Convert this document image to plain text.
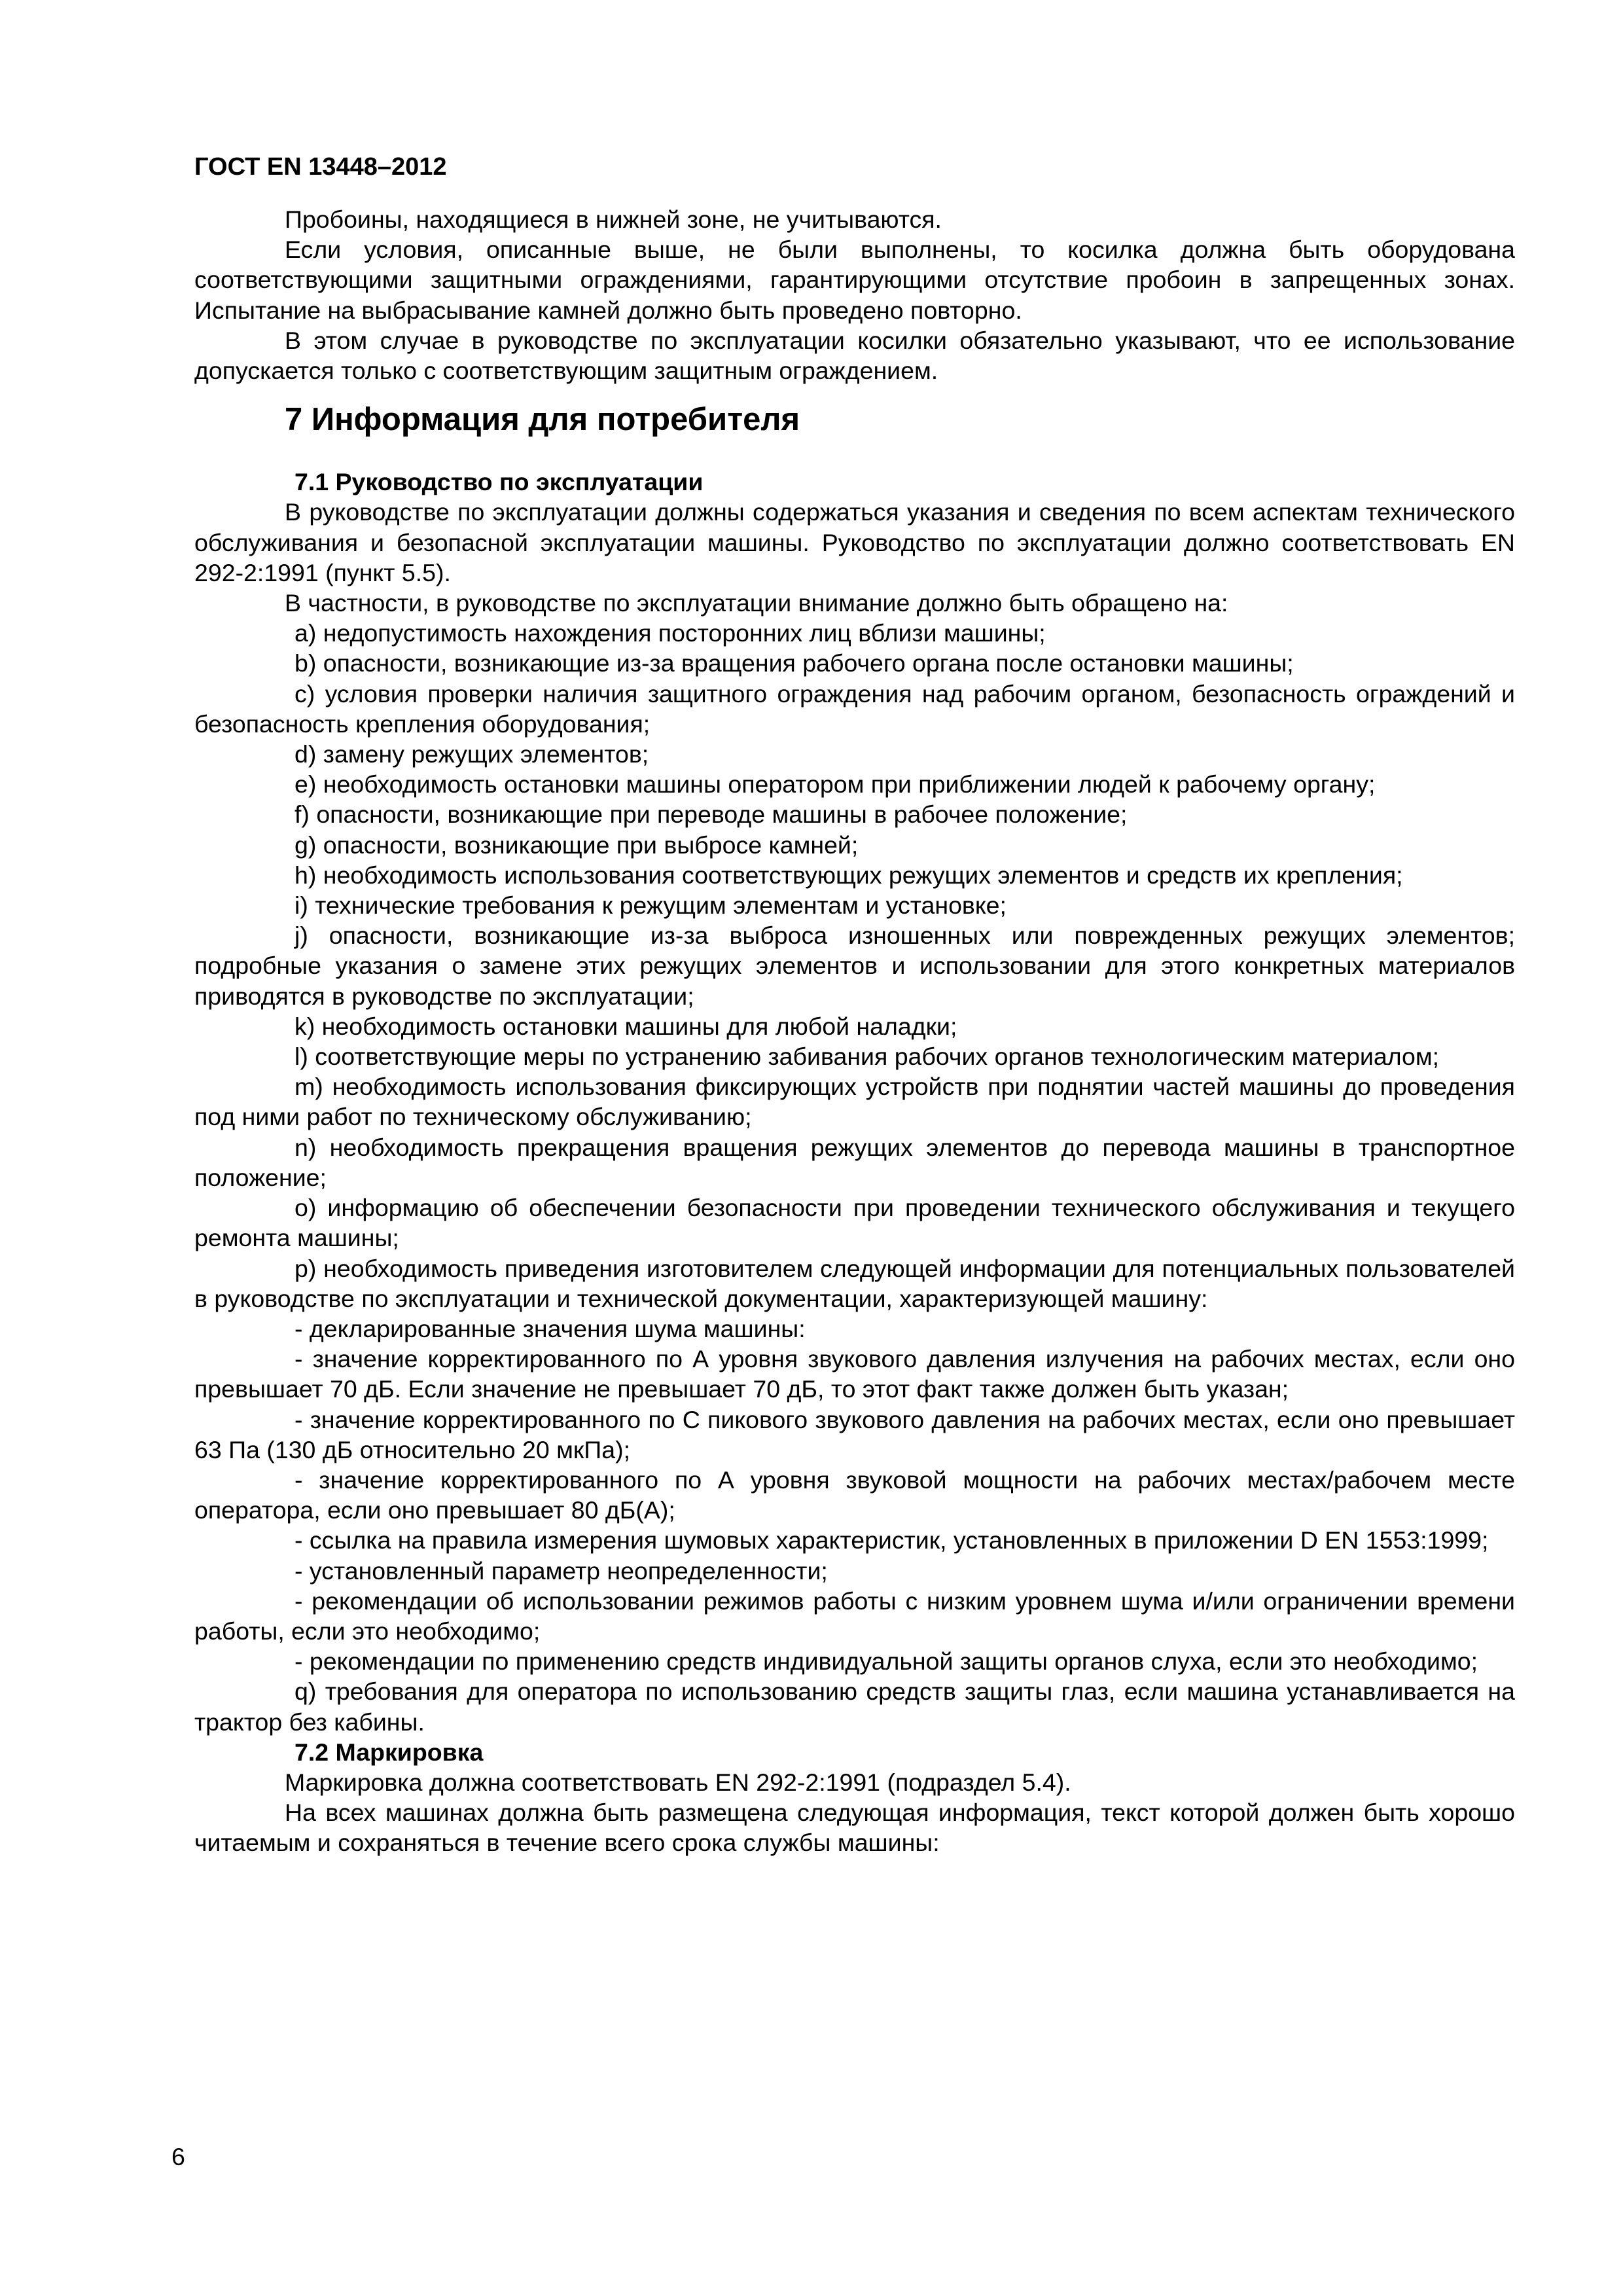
ГОСТ EN 13448–2012

Пробоины, находящиеся в нижней зоне, не учитываются.

Если условия, описанные выше, не были выполнены, то косилка должна быть оборудована соответствующими защитными ограждениями, гарантирующими отсутствие пробоин в запрещенных зонах. Испытание на выбрасывание камней должно быть проведено повторно.

В этом случае в руководстве по эксплуатации косилки обязательно указывают, что ее использование допускается только с соответствующим защитным ограждением.

7 Информация для потребителя
7.1 Руководство по эксплуатации

В руководстве по эксплуатации должны содержаться указания и сведения по всем аспектам технического обслуживания и безопасной эксплуатации машины. Руководство по эксплуатации должно соответствовать EN 292-2:1991 (пункт 5.5).

В частности, в руководстве по эксплуатации внимание должно быть обращено на:

a) недопустимость нахождения посторонних лиц вблизи машины;

b) опасности, возникающие из-за вращения рабочего органа после остановки машины;

c) условия проверки наличия защитного ограждения над рабочим органом, безопасность ограждений и безопасность крепления оборудования;

d) замену режущих элементов;

e) необходимость остановки машины оператором при приближении людей к рабочему органу;

f) опасности, возникающие при переводе машины в рабочее положение;

g) опасности, возникающие при выбросе камней;

h) необходимость использования соответствующих режущих элементов и средств их крепления;

i) технические требования к режущим элементам и установке;

j) опасности, возникающие из-за выброса изношенных или поврежденных режущих элементов; подробные указания о замене этих режущих элементов и использовании для этого конкретных материалов приводятся в руководстве по эксплуатации;

k) необходимость остановки машины для любой наладки;

l) соответствующие меры по устранению забивания рабочих органов технологическим материалом;

m) необходимость использования фиксирующих устройств при поднятии частей машины до проведения под ними работ по техническому обслуживанию;

n) необходимость прекращения вращения режущих элементов до перевода машины в транспортное положение;

o) информацию об обеспечении безопасности при проведении технического обслуживания и текущего ремонта машины;

p) необходимость приведения изготовителем следующей информации для потенциальных пользователей в руководстве по эксплуатации и технической документации, характеризующей машину:

- декларированные значения шума машины:

- значение корректированного по А уровня звукового давления излучения на рабочих местах, если оно превышает 70 дБ. Если значение не превышает 70 дБ, то этот факт также должен быть указан;

- значение корректированного по С пикового звукового давления на рабочих местах, если оно превышает 63 Па (130 дБ относительно 20 мкПа);

- значение корректированного по А уровня звуковой мощности на рабочих местах/рабочем месте оператора, если оно превышает 80 дБ(А);

- ссылка на правила измерения шумовых характеристик, установленных в приложении D EN 1553:1999;

- установленный параметр неопределенности;

- рекомендации об использовании режимов работы с низким уровнем шума и/или ограничении времени работы, если это необходимо;

- рекомендации по применению средств индивидуальной защиты органов слуха, если это необходимо;

q) требования для оператора по использованию средств защиты глаз, если машина устанавливается на трактор без кабины.

7.2 Маркировка

Маркировка должна соответствовать EN 292-2:1991 (подраздел 5.4).

На всех машинах должна быть размещена следующая информация, текст которой должен быть хорошо читаемым и сохраняться в течение всего срока службы машины:

6
